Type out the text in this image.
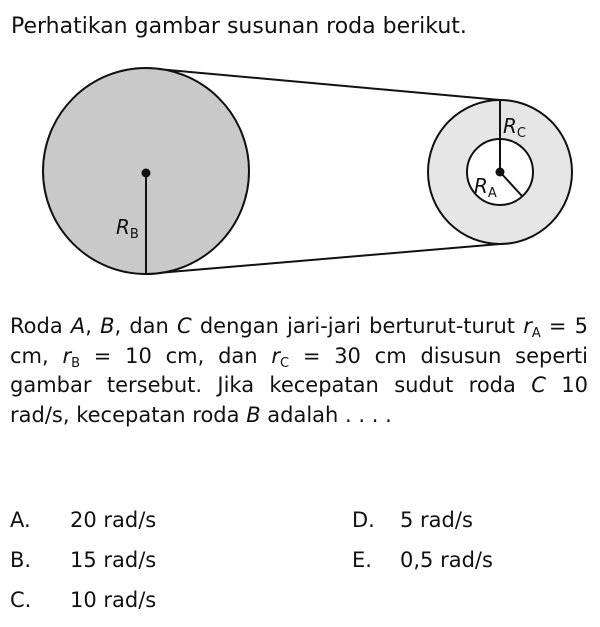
Perhatikan gambar susunan roda berikut.
$R_B$
$R_C$
$R_A$
Roda A, B, dan C dengan jari-jari berturut-turut $r_A = 5$ cm, $r_B = 10$ cm, dan $r_C = 30$ cm disusun seperti gambar tersebut. Jika kecepatan sudut roda C 10 rad/s, kecepatan roda B adalah . . . .
A. 20 rad/s
B. 15 rad/s
C. 10 rad/s
D. 5 rad/s
E. 0,5 rad/s
